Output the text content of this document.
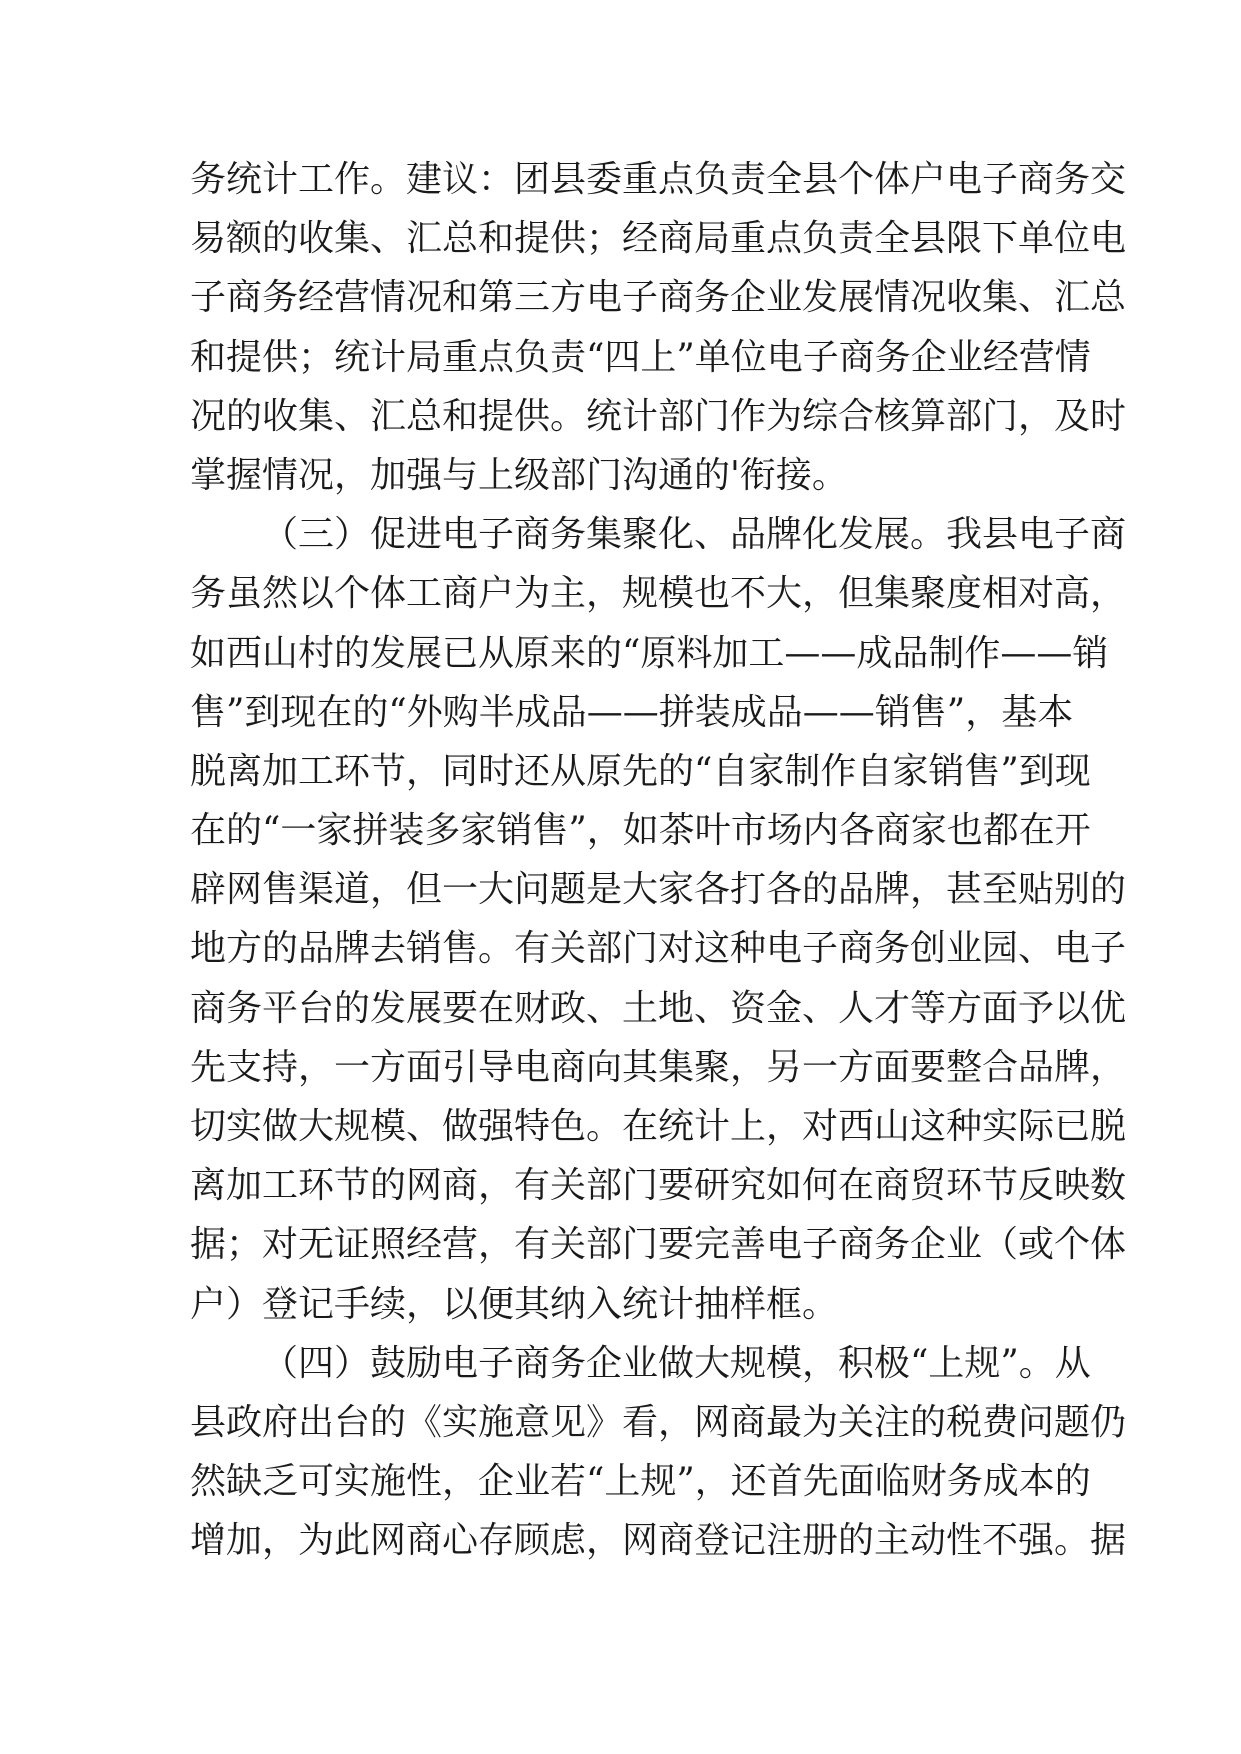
务统计工作。建议：团县委重点负责全县个体户电子商务交
易额的收集、汇总和提供；经商局重点负责全县限下单位电
子商务经营情况和第三方电子商务企业发展情况收集、汇总
和提供；统计局重点负责“四上”单位电子商务企业经营情
况的收集、汇总和提供。统计部门作为综合核算部门，及时
掌握情况，加强与上级部门沟通的'衔接。
（三）促进电子商务集聚化、品牌化发展。我县电子商
务虽然以个体工商户为主，规模也不大，但集聚度相对高，
如西山村的发展已从原来的“原料加工——成品制作——销
售”到现在的“外购半成品——拼装成品——销售”，基本
脱离加工环节，同时还从原先的“自家制作自家销售”到现
在的“一家拼装多家销售”，如茶叶市场内各商家也都在开
辟网售渠道，但一大问题是大家各打各的品牌，甚至贴别的
地方的品牌去销售。有关部门对这种电子商务创业园、电子
商务平台的发展要在财政、土地、资金、人才等方面予以优
先支持，一方面引导电商向其集聚，另一方面要整合品牌，
切实做大规模、做强特色。在统计上，对西山这种实际已脱
离加工环节的网商，有关部门要研究如何在商贸环节反映数
据；对无证照经营，有关部门要完善电子商务企业（或个体
户）登记手续，以便其纳入统计抽样框。
（四）鼓励电子商务企业做大规模，积极“上规”。从
县政府出台的《实施意见》看，网商最为关注的税费问题仍
然缺乏可实施性，企业若“上规”，还首先面临财务成本的
增加，为此网商心存顾虑，网商登记注册的主动性不强。据
